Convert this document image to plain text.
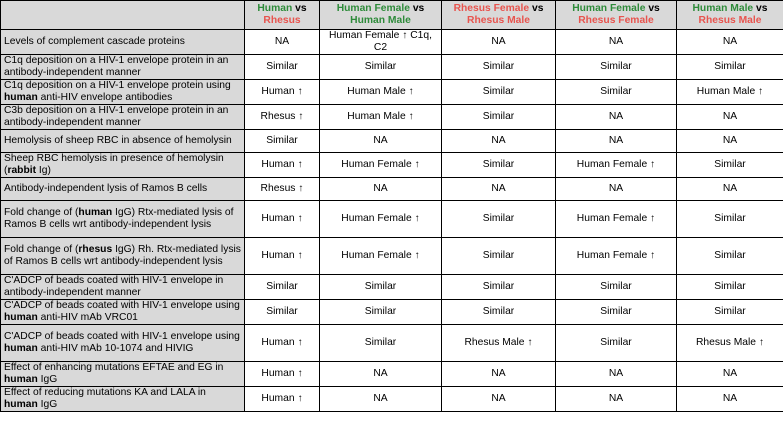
	Human vs Rhesus	Human Female vs Human Male	Rhesus Female vs Rhesus Male	Human Female vs Rhesus Female	Human Male vs Rhesus Male
Levels of complement cascade proteins	NA	Human Female ↑ C1q, C2	NA	NA	NA
C1q deposition on a HIV-1 envelope protein in an antibody-independent manner	Similar	Similar	Similar	Similar	Similar
C1q deposition on a HIV-1 envelope protein using human anti-HIV envelope antibodies	Human ↑	Human Male ↑	Similar	Similar	Human Male ↑
C3b deposition on a HIV-1 envelope protein in an antibody-independent manner	Rhesus ↑	Human Male ↑	Similar	NA	NA
Hemolysis of sheep RBC in absence of hemolysin	Similar	NA	NA	NA	NA
Sheep RBC hemolysis in presence of hemolysin (rabbit Ig)	Human ↑	Human Female ↑	Similar	Human Female ↑	Similar
Antibody-independent lysis of Ramos B cells	Rhesus ↑	NA	NA	NA	NA
Fold change of (human IgG) Rtx-mediated lysis of Ramos B cells wrt antibody-independent lysis	Human ↑	Human Female ↑	Similar	Human Female ↑	Similar
Fold change of (rhesus IgG) Rh. Rtx-mediated lysis of Ramos B cells wrt antibody-independent lysis	Human ↑	Human Female ↑	Similar	Human Female ↑	Similar
C'ADCP of beads coated with HIV-1 envelope in antibody-independent manner	Similar	Similar	Similar	Similar	Similar
C'ADCP of beads coated with HIV-1 envelope using human anti-HIV mAb VRC01	Similar	Similar	Similar	Similar	Similar
C'ADCP of beads coated with HIV-1 envelope using human anti-HIV mAb 10-1074 and HIVIG	Human ↑	Similar	Rhesus Male ↑	Similar	Rhesus Male ↑
Effect of enhancing mutations EFTAE and EG in human IgG	Human ↑	NA	NA	NA	NA
Effect of reducing mutations KA and LALA in human IgG	Human ↑	NA	NA	NA	NA
